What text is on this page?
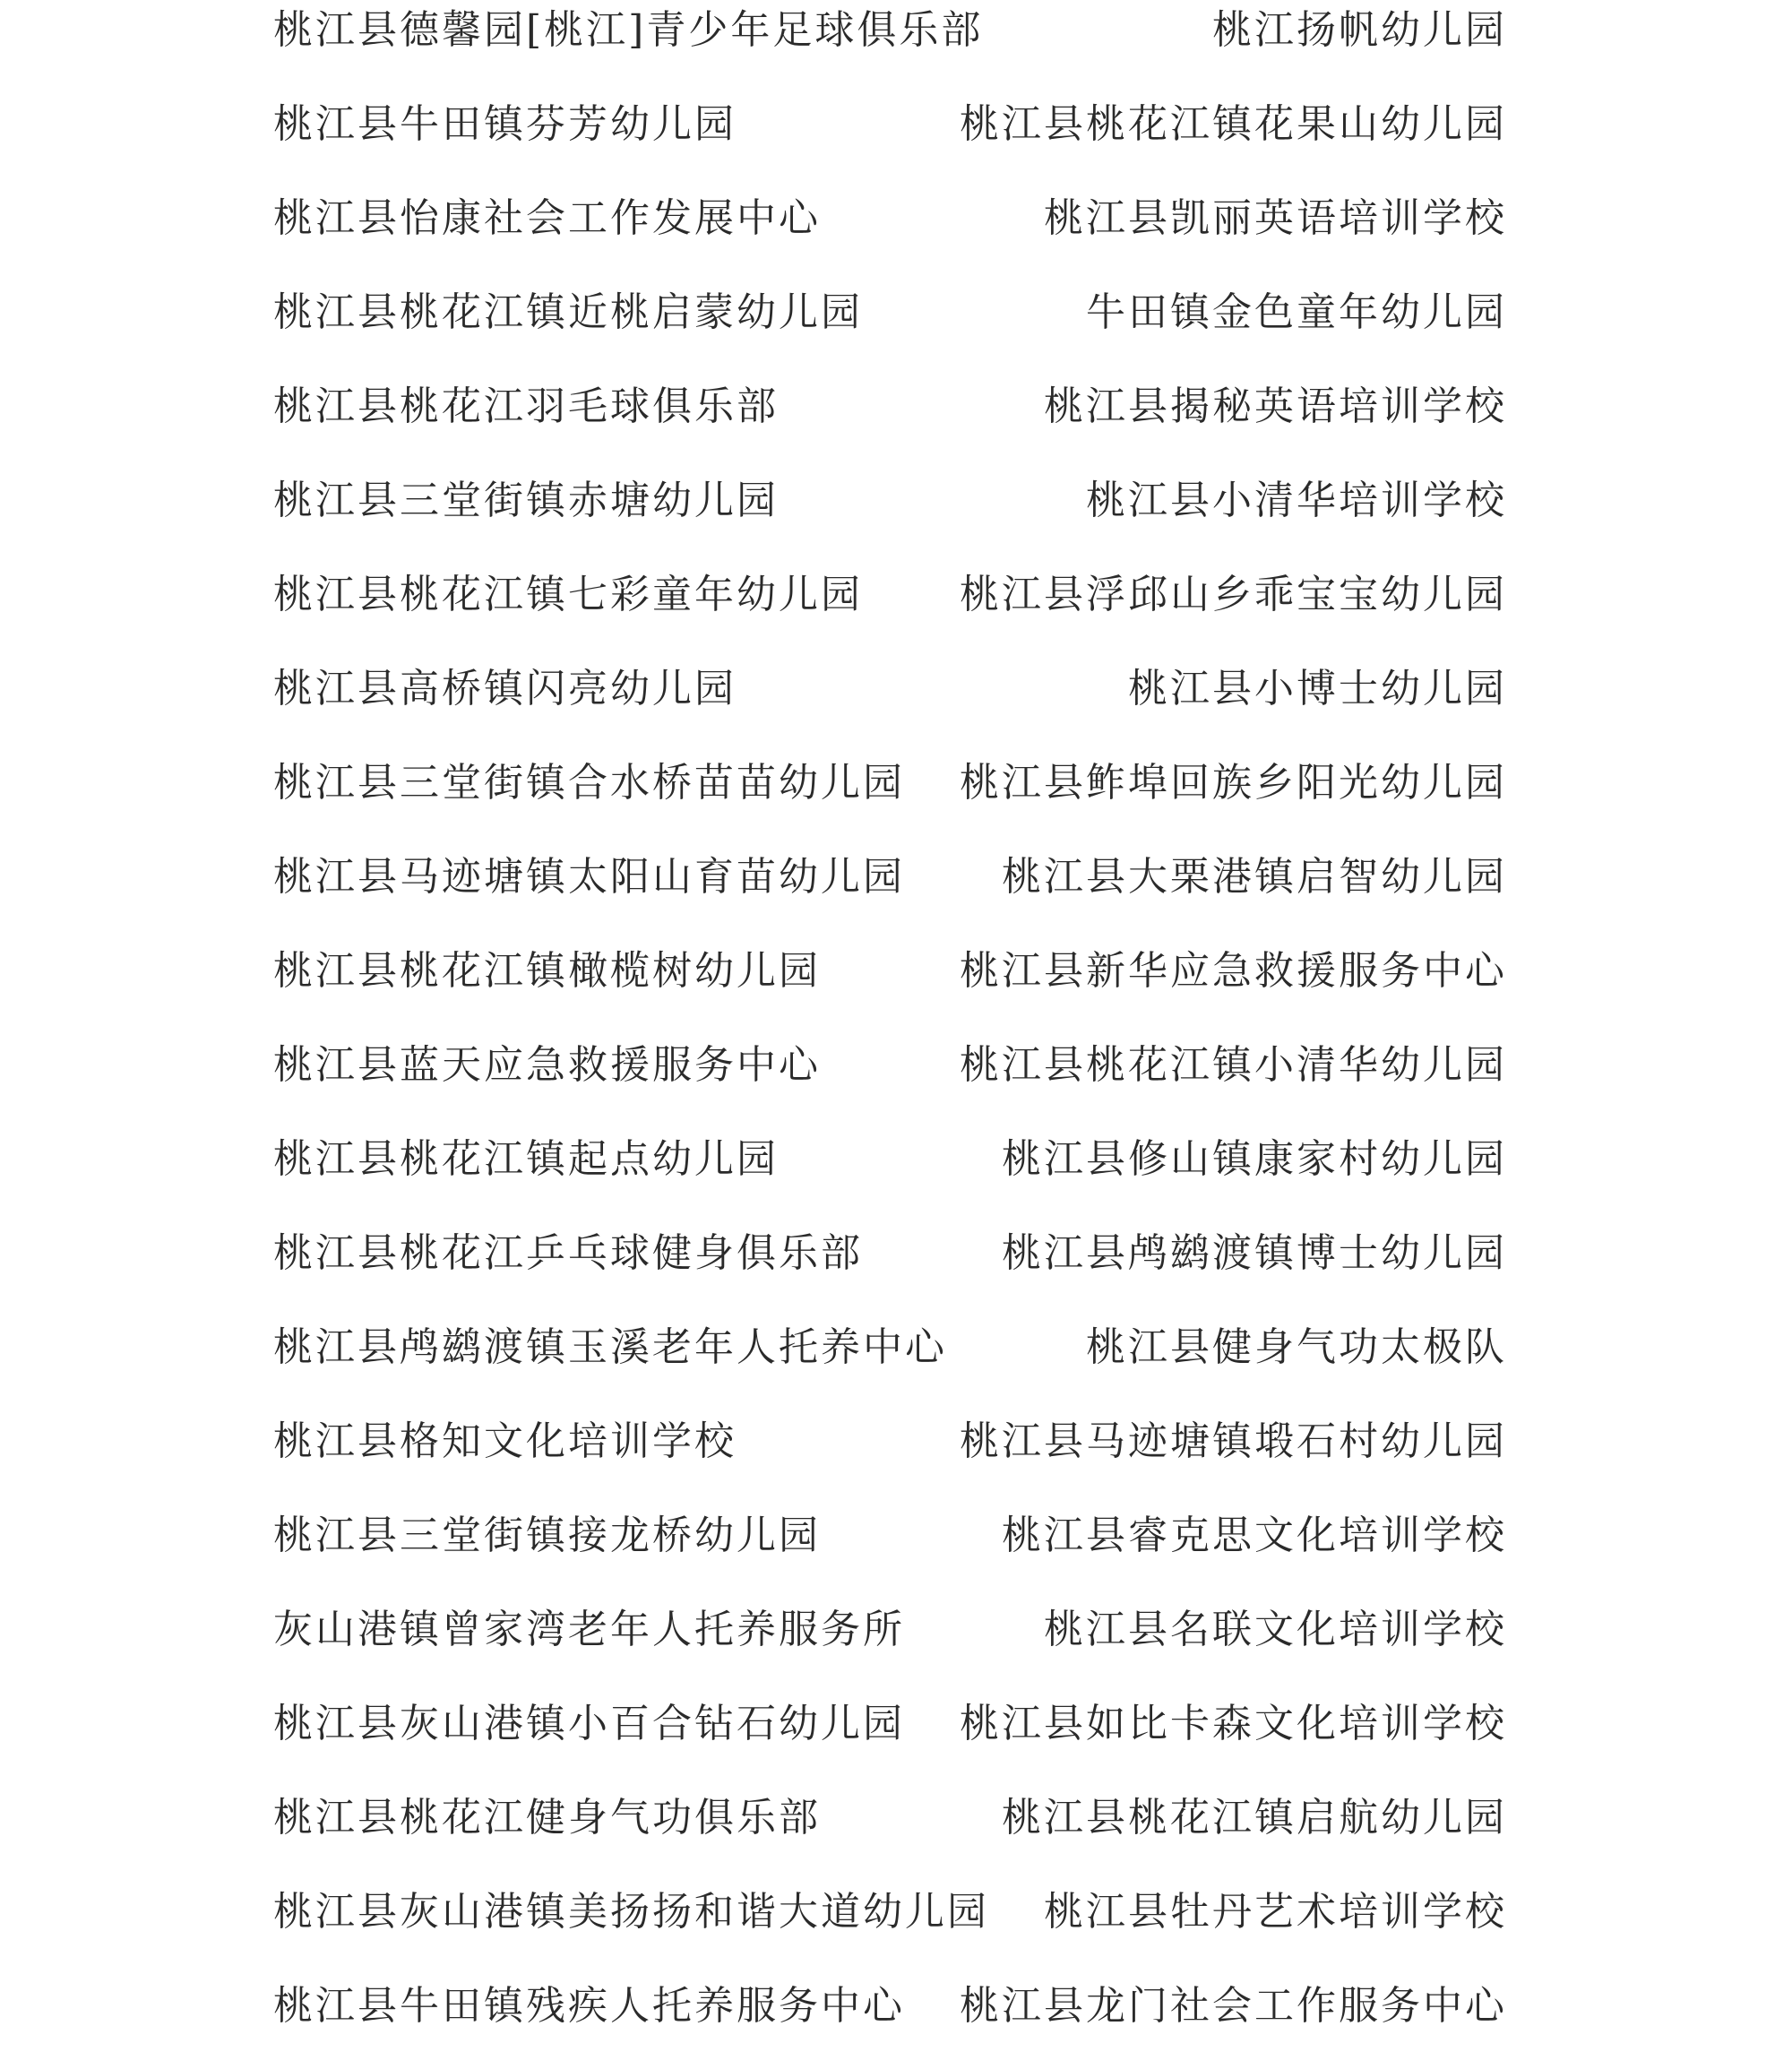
桃江县德馨园[桃江]青少年足球俱乐部	桃江扬帆幼儿园
桃江县牛田镇芬芳幼儿园	桃江县桃花江镇花果山幼儿园
桃江县怡康社会工作发展中心	桃江县凯丽英语培训学校
桃江县桃花江镇近桃启蒙幼儿园	牛田镇金色童年幼儿园
桃江县桃花江羽毛球俱乐部	桃江县揭秘英语培训学校
桃江县三堂街镇赤塘幼儿园	桃江县小清华培训学校
桃江县桃花江镇七彩童年幼儿园 桃江县浮邱山乡乖宝宝幼儿园
桃江县高桥镇闪亮幼儿园	桃江县小博士幼儿园
桃江县三堂街镇合水桥苗苗幼儿园 桃江县鲊埠回族乡阳光幼儿园
桃江县马迹塘镇太阳山育苗幼儿园 桃江县大栗港镇启智幼儿园
桃江县桃花江镇橄榄树幼儿园	桃江县新华应急救援服务中心
桃江县蓝天应急救援服务中心	桃江县桃花江镇小清华幼儿园
桃江县桃花江镇起点幼儿园	桃江县修山镇康家村幼儿园
桃江县桃花江乒乓球健身俱乐部	桃江县鸬鹚渡镇博士幼儿园
桃江县鸬鹚渡镇玉溪老年人托养中心	桃江县健身气功太极队
桃江县格知文化培训学校	桃江县马迹塘镇塅石村幼儿园
桃江县三堂街镇接龙桥幼儿园	桃江县睿克思文化培训学校
灰山港镇曾家湾老年人托养服务所	桃江县名联文化培训学校
桃江县灰山港镇小百合钻石幼儿园 桃江县如比卡森文化培训学校
桃江县桃花江健身气功俱乐部	桃江县桃花江镇启航幼儿园
桃江县灰山港镇美扬扬和谐大道幼儿园 桃江县牡丹艺术培训学校
桃江县牛田镇残疾人托养服务中心 桃江县龙门社会工作服务中心
